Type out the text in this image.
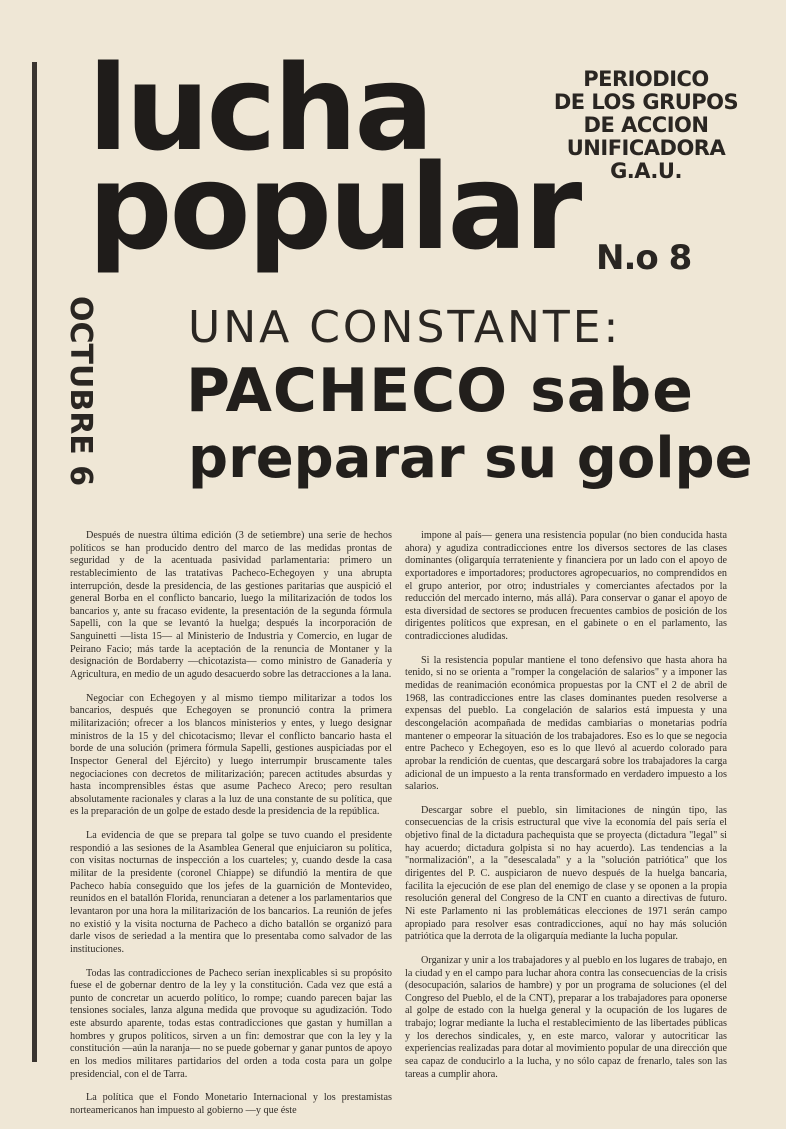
lucha
popular
PERIODICO
DE LOS GRUPOS
DE ACCION
UNIFICADORA
G.A.U.
N.o 8
OCTUBRE 6 UNA CONSTANTE:
PACHECO sabe
preparar su golpe

Después de nuestra última edición (3 de setiembre) una serie de hechos políticos se han producido dentro del marco de las medidas prontas de seguridad y de la acentuada pasividad parlamentaria: primero un restablecimiento de las tratativas Pacheco-Echegoyen y una abrupta interrupción, desde la presidencia, de las gestiones paritarias que auspició el general Borba en el conflicto bancario, luego la militarización de todos los bancarios y, ante su fracaso evidente, la presentación de la segunda fórmula Sapelli, con la que se levantó la huelga; después la incorporación de Sanguinetti —lista 15— al Ministerio de Industria y Comercio, en lugar de Peirano Facio; más tarde la aceptación de la renuncia de Montaner y la designación de Bordaberry —chicotazista— como ministro de Ganadería y Agricultura, en medio de un agudo desacuerdo sobre las detracciones a la lana.

Negociar con Echegoyen y al mismo tiempo militarizar a todos los bancarios, después que Echegoyen se pronunció contra la primera militarización; ofrecer a los blancos ministerios y entes, y luego designar ministros de la 15 y del chicotacismo; llevar el conflicto bancario hasta el borde de una solución (primera fórmula Sapelli, gestiones auspiciadas por el Inspector General del Ejército) y luego interrumpir bruscamente tales negociaciones con decretos de militarización; parecen actitudes absurdas y hasta incomprensibles éstas que asume Pacheco Areco; pero resultan absolutamente racionales y claras a la luz de una constante de su política, que es la preparación de un golpe de estado desde la presidencia de la república.

La evidencia de que se prepara tal golpe se tuvo cuando el presidente respondió a las sesiones de la Asamblea General que enjuiciaron su política, con visitas nocturnas de inspección a los cuarteles; y, cuando desde la casa militar de la presidente (coronel Chiappe) se difundió la mentira de que Pacheco había conseguido que los jefes de la guarnición de Montevideo, reunidos en el batallón Florida, renunciaran a detener a los parlamentarios que levantaron por una hora la militarización de los bancarios. La reunión de jefes no existió y la visita nocturna de Pacheco a dicho batallón se organizó para darle visos de seriedad a la mentira que lo presentaba como salvador de las instituciones.

Todas las contradicciones de Pacheco serían inexplicables si su propósito fuese el de gobernar dentro de la ley y la constitución. Cada vez que está a punto de concretar un acuerdo político, lo rompe; cuando parecen bajar las tensiones sociales, lanza alguna medida que provoque su agudización. Todo este absurdo aparente, todas estas contradicciones que gastan y humillan a hombres y grupos políticos, sirven a un fin: demostrar que con la ley y la constitución —aún la naranja— no se puede gobernar y ganar puntos de apoyo en los medios militares partidarios del orden a toda costa para un golpe presidencial, con el de Tarra.

La política que el Fondo Monetario Internacional y los prestamistas norteamericanos han impuesto al gobierno —y que éste

impone al país— genera una resistencia popular (no bien conducida hasta ahora) y agudiza contradicciones entre los diversos sectores de las clases dominantes (oligarquía terrateniente y financiera por un lado con el apoyo de exportadores e importadores; productores agropecuarios, no comprendidos en el grupo anterior, por otro; industriales y comerciantes afectados por la reducción del mercado interno, más allá). Para conservar o ganar el apoyo de esta diversidad de sectores se producen frecuentes cambios de posición de los dirigentes políticos que expresan, en el gabinete o en el parlamento, las contradicciones aludidas.

Si la resistencia popular mantiene el tono defensivo que hasta ahora ha tenido, si no se orienta a "romper la congelación de salarios" y a imponer las medidas de reanimación económica propuestas por la CNT el 2 de abril de 1968, las contradicciones entre las clases dominantes pueden resolverse a expensas del pueblo. La congelación de salarios está impuesta y una descongelación acompañada de medidas cambiarias o monetarias podría mantener o empeorar la situación de los trabajadores. Eso es lo que se negocia entre Pacheco y Echegoyen, eso es lo que llevó al acuerdo colorado para aprobar la rendición de cuentas, que descargará sobre los trabajadores la carga adicional de un impuesto a la renta transformado en verdadero impuesto a los salarios.

Descargar sobre el pueblo, sin limitaciones de ningún tipo, las consecuencias de la crisis estructural que vive la economía del país sería el objetivo final de la dictadura pachequista que se proyecta (dictadura "legal" si hay acuerdo; dictadura golpista si no hay acuerdo). Las tendencias a la "normalización", a la "desescalada" y a la "solución patriótica" que los dirigentes del P. C. auspiciaron de nuevo después de la huelga bancaria, facilita la ejecución de ese plan del enemigo de clase y se oponen a la propia resolución general del Congreso de la CNT en cuanto a directivas de futuro. Ni este Parlamento ni las problemáticas elecciones de 1971 serán campo apropiado para resolver esas contradicciones, aquí no hay más solución patriótica que la derrota de la oligarquía mediante la lucha popular.

Organizar y unir a los trabajadores y al pueblo en los lugares de trabajo, en la ciudad y en el campo para luchar ahora contra las consecuencias de la crisis (desocupación, salarios de hambre) y por un programa de soluciones (el del Congreso del Pueblo, el de la CNT), preparar a los trabajadores para oponerse al golpe de estado con la huelga general y la ocupación de los lugares de trabajo; lograr mediante la lucha el restablecimiento de las libertades públicas y los derechos sindicales, y, en este marco, valorar y autocriticar las experiencias realizadas para dotar al movimiento popular de una dirección que sea capaz de conducirlo a la lucha, y no sólo capaz de frenarlo, tales son las tareas a cumplir ahora.
